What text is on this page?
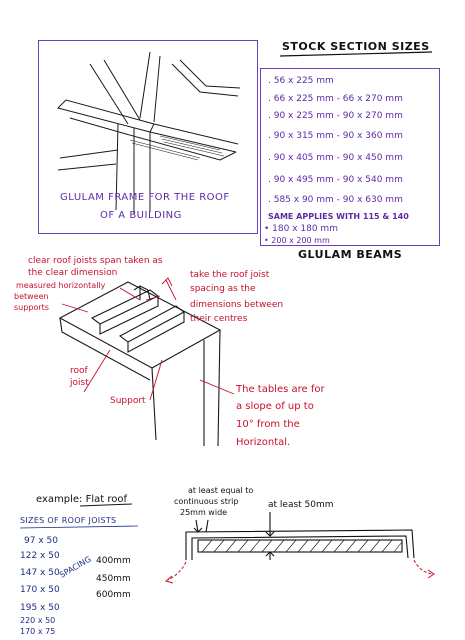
GLULAM FRAME FOR THE ROOF
OF A BUILDING
STOCK SECTION SIZES
. 56 x 225 mm
. 66 x 225 mm - 66 x 270 mm
. 90 x 225 mm - 90 x 270 mm
. 90 x 315 mm - 90 x 360 mm
. 90 x 405 mm - 90 x 450 mm
. 90 x 495 mm - 90 x 540 mm
. 585 x 90 mm - 90 x 630 mm
SAME APPLIES WITH 115 & 140
• 180 x 180 mm
• 200 x 200 mm
GLULAM BEAMS
clear roof joists span taken as
the clear dimension
measured horizontally
between
supports
take the roof joist
spacing as the
dimensions between
their centres
roof
joist
Support
The tables are for
a slope of up to
10° from the
Horizontal.
example: Flat roof
SIZES OF ROOF JOISTS
97 x 50
122 x 50
147 x 50
170 x 50
195 x 50
220 x 50
170 x 75
SPACING 400mm
450mm
600mm
at least equal to
continuous strip
25mm wide
at least 50mm
